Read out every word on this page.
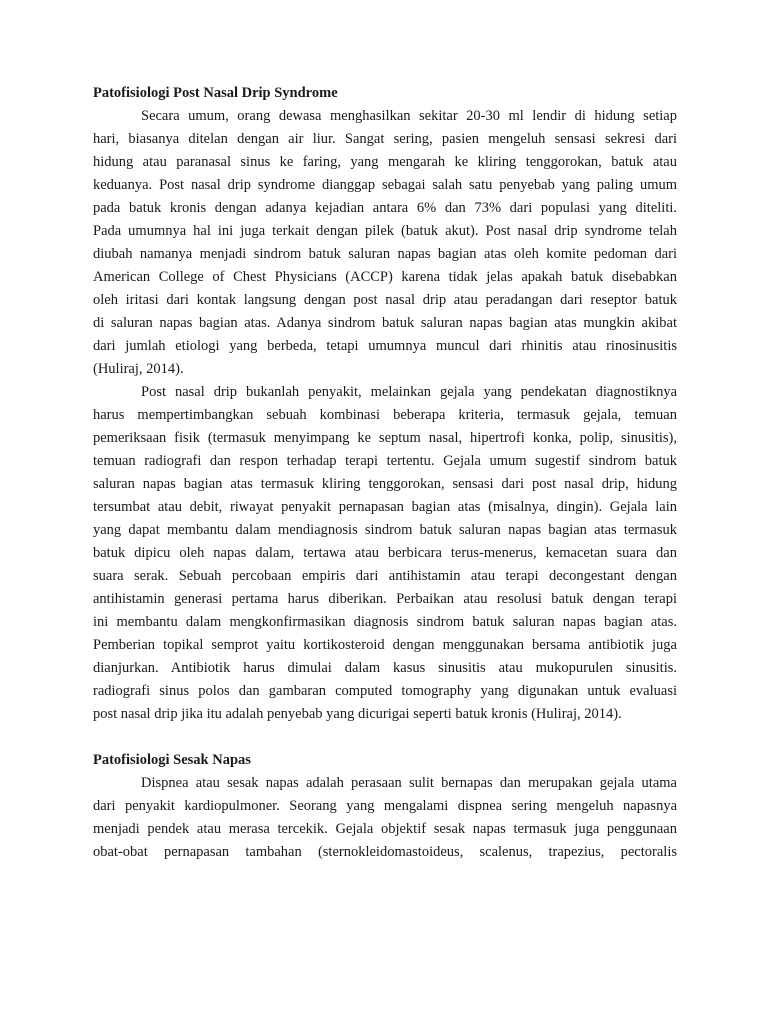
Patofisiologi Post Nasal Drip Syndrome
Secara umum, orang dewasa menghasilkan sekitar 20-30 ml lendir di hidung setiap
hari, biasanya ditelan dengan air liur. Sangat sering, pasien mengeluh sensasi sekresi dari
hidung atau paranasal sinus ke faring, yang mengarah ke kliring tenggorokan, batuk atau
keduanya. Post nasal drip syndrome dianggap sebagai salah satu penyebab yang paling umum
pada batuk kronis dengan adanya kejadian antara 6% dan 73% dari populasi yang diteliti.
Pada umumnya hal ini juga terkait dengan pilek (batuk akut). Post nasal drip syndrome telah
diubah namanya menjadi sindrom batuk saluran napas bagian atas oleh komite pedoman dari
American College of Chest Physicians (ACCP) karena tidak jelas apakah batuk disebabkan
oleh iritasi dari kontak langsung dengan post nasal drip atau peradangan dari reseptor batuk
di saluran napas bagian atas. Adanya sindrom batuk saluran napas bagian atas mungkin akibat
dari jumlah etiologi yang berbeda, tetapi umumnya muncul dari rhinitis atau rinosinusitis
(Huliraj, 2014).
Post nasal drip bukanlah penyakit, melainkan gejala yang pendekatan diagnostiknya
harus mempertimbangkan sebuah kombinasi beberapa kriteria, termasuk gejala, temuan
pemeriksaan fisik (termasuk menyimpang ke septum nasal, hipertrofi konka, polip, sinusitis),
temuan radiografi dan respon terhadap terapi tertentu. Gejala umum sugestif sindrom batuk
saluran napas bagian atas termasuk kliring tenggorokan, sensasi dari post nasal drip, hidung
tersumbat atau debit, riwayat penyakit pernapasan bagian atas (misalnya, dingin). Gejala lain
yang dapat membantu dalam mendiagnosis sindrom batuk saluran napas bagian atas termasuk
batuk dipicu oleh napas dalam, tertawa atau berbicara terus-menerus, kemacetan suara dan
suara serak. Sebuah percobaan empiris dari antihistamin atau terapi decongestant dengan
antihistamin generasi pertama harus diberikan. Perbaikan atau resolusi batuk dengan terapi
ini membantu dalam mengkonfirmasikan diagnosis sindrom batuk saluran napas bagian atas.
Pemberian topikal semprot yaitu kortikosteroid dengan menggunakan bersama antibiotik juga
dianjurkan. Antibiotik harus dimulai dalam kasus sinusitis atau mukopurulen sinusitis.
radiografi sinus polos dan gambaran computed tomography yang digunakan untuk evaluasi
post nasal drip jika itu adalah penyebab yang dicurigai seperti batuk kronis (Huliraj, 2014).
Patofisiologi Sesak Napas
Dispnea atau sesak napas adalah perasaan sulit bernapas dan merupakan gejala utama
dari penyakit kardiopulmoner. Seorang yang mengalami dispnea sering mengeluh napasnya
menjadi pendek atau merasa tercekik. Gejala objektif sesak napas termasuk juga penggunaan
obat-obat pernapasan tambahan (sternokleidomastoideus, scalenus, trapezius, pectoralis
